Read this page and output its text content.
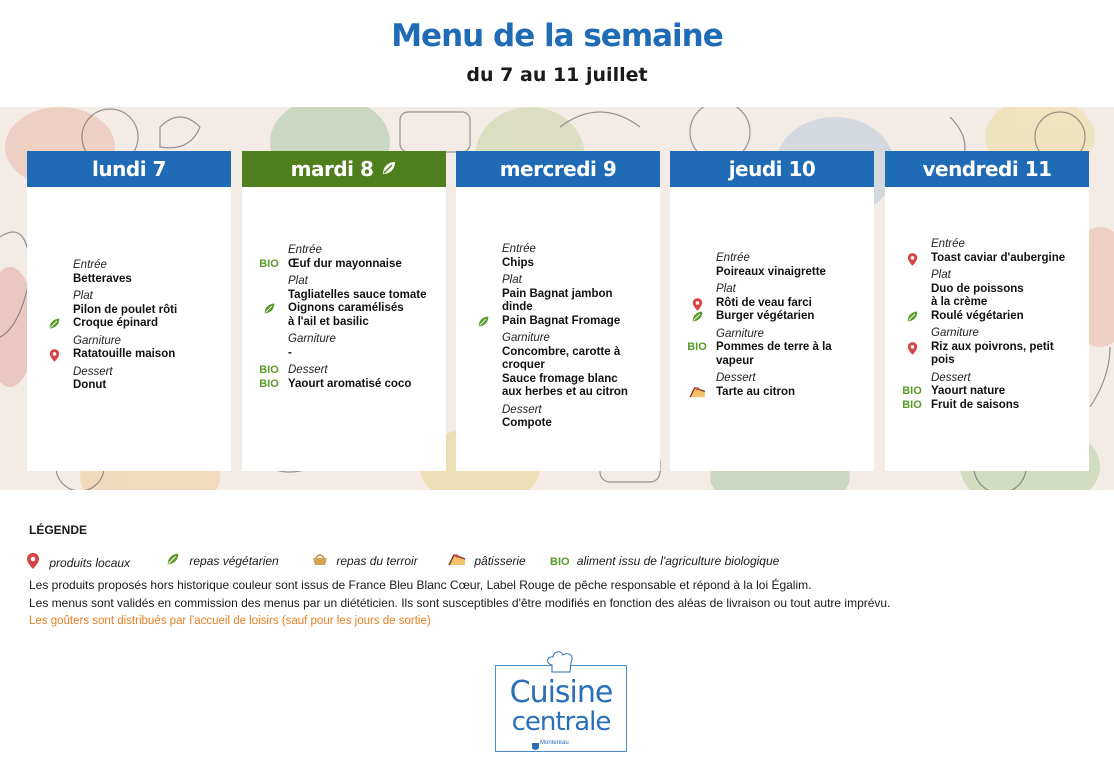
Menu de la semaine
du 7 au 11 juillet
lundi 7
Entrée
Betteraves
Plat
Pilon de poulet rôti
Croque épinard
Garniture
Ratatouille maison
Dessert
Donut
mardi 8
Entrée
Œuf dur mayonnaise
BIO
Plat
Tagliatelles sauce tomate
Oignons caramélisés
à l'ail et basilic
Garniture
-
Dessert
BIO
Yaourt aromatisé coco
BIO
mercredi 9
Entrée
Chips
Plat
Pain Bagnat jambon
dinde
Pain Bagnat Fromage
Garniture
Concombre, carotte à
croquer
Sauce fromage blanc
aux herbes et au citron
Dessert
Compote
jeudi 10
Entrée
Poireaux vinaigrette
Plat
Rôti de veau farci
Burger végétarien
Garniture
Pommes de terre à la
BIO
vapeur
Dessert
Tarte au citron
vendredi 11
Entrée
Toast caviar d'aubergine
Plat
Duo de poissons
à la crème
Roulé végétarien
Garniture
Riz aux poivrons, petit
pois
Dessert
Yaourt nature
BIO
Fruit de saisons
BIO
LÉGENDE
produits locaux	repas végétarien	repas du terroir	pâtisserie BIO aliment issu de l'agriculture biologique
Les produits proposés hors historique couleur sont issus de France Bleu Blanc Cœur, Label Rouge de pêche responsable et répond à la loi Égalim.
Les menus sont validés en commission des menus par un diététicien. Ils sont susceptibles d'être modifiés en fonction des aléas de livraison ou tout autre imprévu.
Les goûters sont distribués par l'accueil de loisirs (sauf pour les jours de sortie)
Cuisine
centrale
Montereau
